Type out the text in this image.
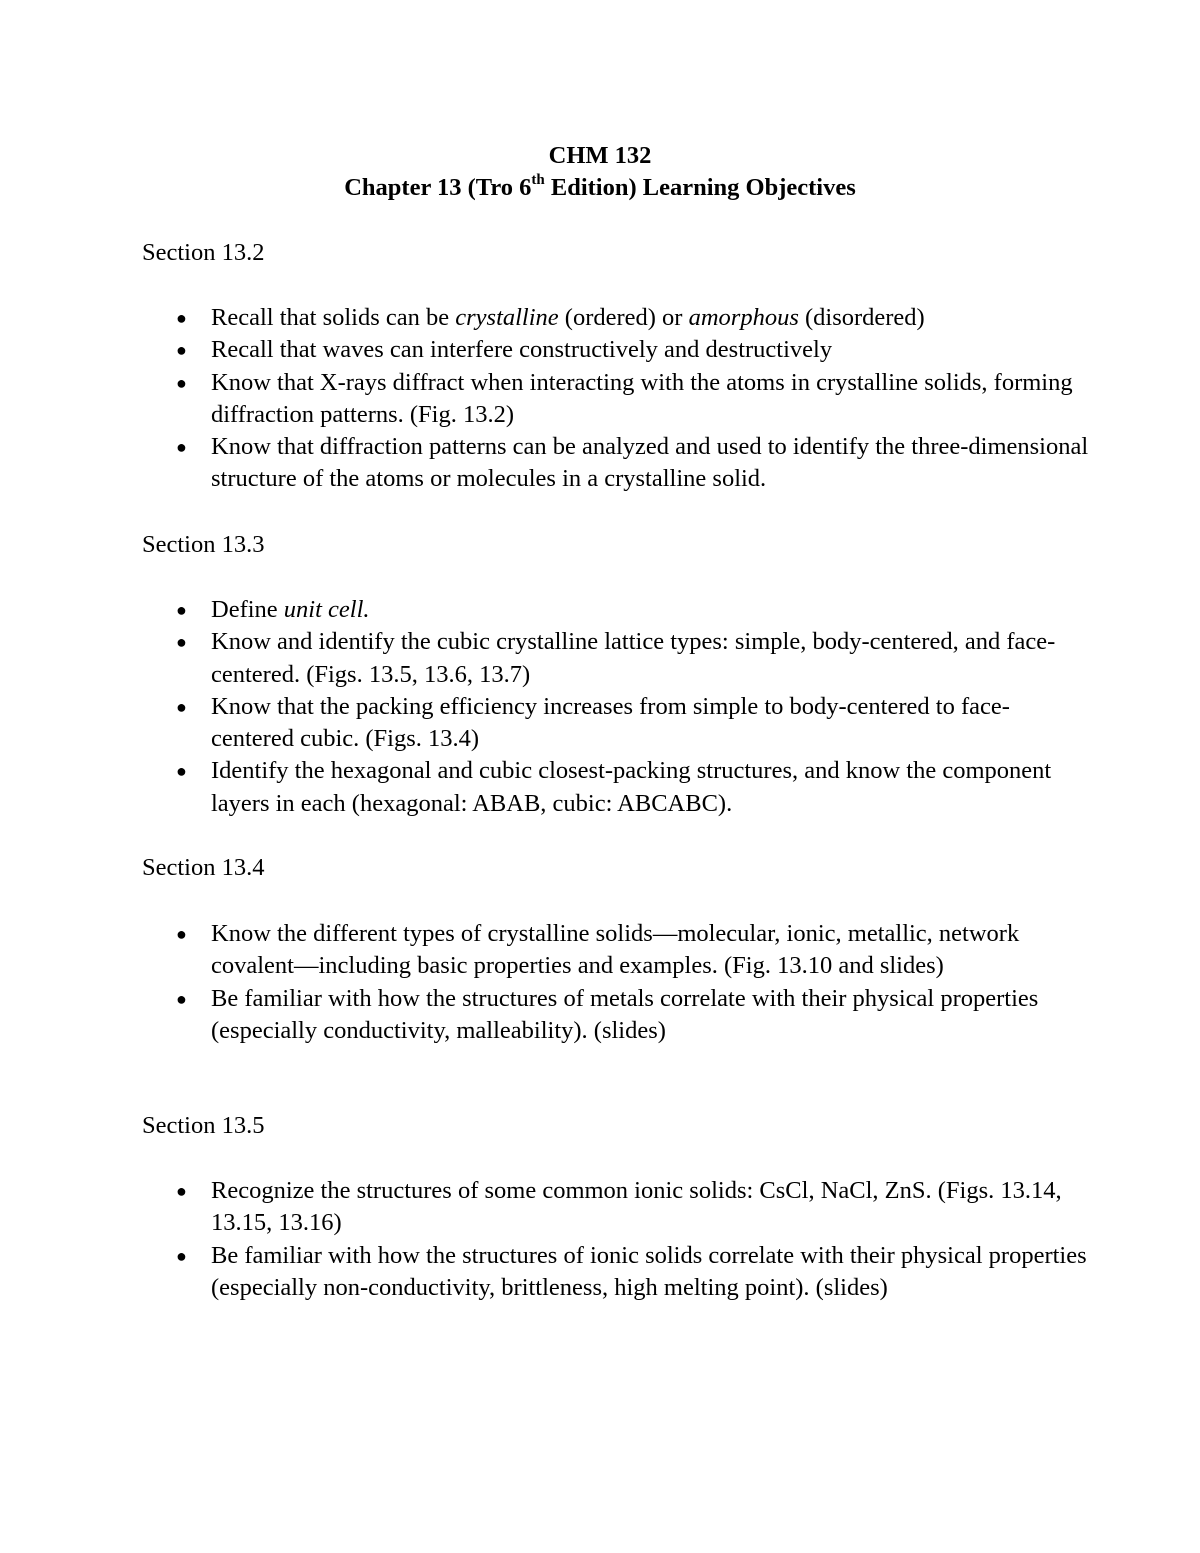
CHM 132
Chapter 13 (Tro 6th Edition) Learning Objectives

Section 13.2

● Recall that solids can be crystalline (ordered) or amorphous (disordered)
● Recall that waves can interfere constructively and destructively
● Know that X-rays diffract when interacting with the atoms in crystalline solids, forming diffraction patterns. (Fig. 13.2)
● Know that diffraction patterns can be analyzed and used to identify the three-dimensional structure of the atoms or molecules in a crystalline solid.

Section 13.3

● Define unit cell.
● Know and identify the cubic crystalline lattice types: simple, body-centered, and face-centered. (Figs. 13.5, 13.6, 13.7)
● Know that the packing efficiency increases from simple to body-centered to face-centered cubic. (Figs. 13.4)
● Identify the hexagonal and cubic closest-packing structures, and know the component layers in each (hexagonal: ABAB, cubic: ABCABC).

Section 13.4

● Know the different types of crystalline solids—molecular, ionic, metallic, network covalent—including basic properties and examples. (Fig. 13.10 and slides)
● Be familiar with how the structures of metals correlate with their physical properties (especially conductivity, malleability). (slides)

Section 13.5

● Recognize the structures of some common ionic solids: CsCl, NaCl, ZnS. (Figs. 13.14, 13.15, 13.16)
● Be familiar with how the structures of ionic solids correlate with their physical properties (especially non-conductivity, brittleness, high melting point). (slides)
